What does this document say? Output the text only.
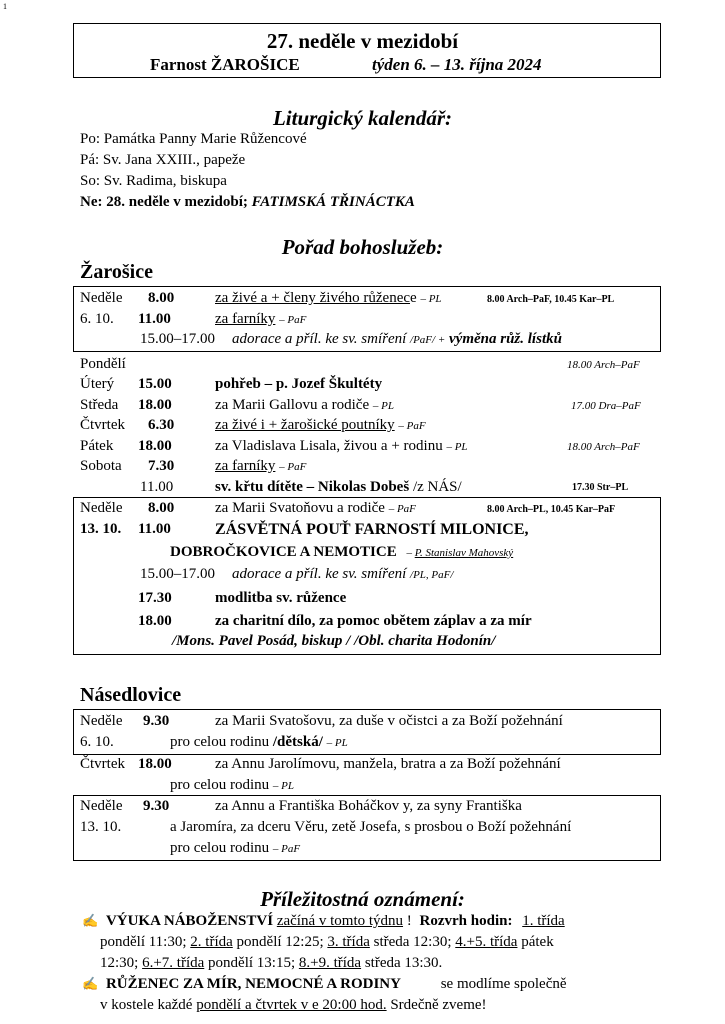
1
27. neděle v mezidobí
Farnost ŽAROŠICE	týden 6. – 13. října 2024
Liturgický kalendář:
Po: Památka Panny Marie Růžencové
Pá: Sv. Jana XXIII., papeže
So: Sv. Radima, biskupa
Ne: 28. neděle v mezidobí; FATIMSKÁ TŘINÁCTKA
Pořad bohoslužeb:
Žarošice
Neděle 8.00	za živé a + členy živého růženece – PL	8.00 Arch–PaF, 10.45 Kar–PL
6. 10. 11.00	za farníky – PaF
15.00–17.00 adorace a příl. ke sv. smíření /PaF/ + výměna růž. lístků
Pondělí	18.00 Arch–PaF
Úterý 15.00	pohřeb – p. Jozef Škultéty
Středa 18.00	za Marii Gallovu a rodiče – PL	17.00 Dra–PaF
Čtvrtek 6.30	za živé i + žarošické poutníky – PaF
Pátek 18.00	za Vladislava Lisala, živou a + rodinu – PL	18.00 Arch–PaF
Sobota 7.30	za farníky – PaF
11.00	sv. křtu dítěte – Nikolas Dobeš /z NÁS/	17.30 Str–PL
Neděle 8.00	za Marii Svatoňovu a rodiče – PaF	8.00 Arch–PL, 10.45 Kar–PaF
13. 10. 11.00	ZÁSVĚTNÁ POUŤ FARNOSTÍ MILONICE,
DOBROČKOVICE A NEMOTICE – P. Stanislav Mahovský
15.00–17.00 adorace a příl. ke sv. smíření /PL, PaF/
17.30	modlitba sv. růžence
18.00	za charitní dílo, za pomoc obětem záplav a za mír
/Mons. Pavel Posád, biskup / /Obl. charita Hodonín/
Násedlovice
Neděle 9.30	za Marii Svatošovu, za duše v očistci a za Boží požehnání
6. 10.	pro celou rodinu /dětská/ – PL
Čtvrtek 18.00	za Annu Jarolímovu, manžela, bratra a za Boží požehnání
pro celou rodinu – PL
Neděle 9.30	za Annu a Františka Boháčkov y, za syny Františka
13. 10.	a Jaromíra, za dceru Věru, zetě Josefa, s prosbou o Boží požehnání
pro celou rodinu – PaF
Příležitostná oznámení:
✍ VÝUKA NÁBOŽENSTVÍ začíná v tomto týdnu ! Rozvrh hodin: 1. třída
pondělí 11:30; 2. třída pondělí 12:25; 3. třída středa 12:30; 4.+5. třída pátek
12:30; 6.+7. třída pondělí 13:15; 8.+9. třída středa 13:30.
✍ RŮŽENEC ZA MÍR, NEMOCNÉ A RODINY	se modlíme společně
v kostele každé pondělí a čtvrtek v e 20:00 hod. Srdečně zveme!
